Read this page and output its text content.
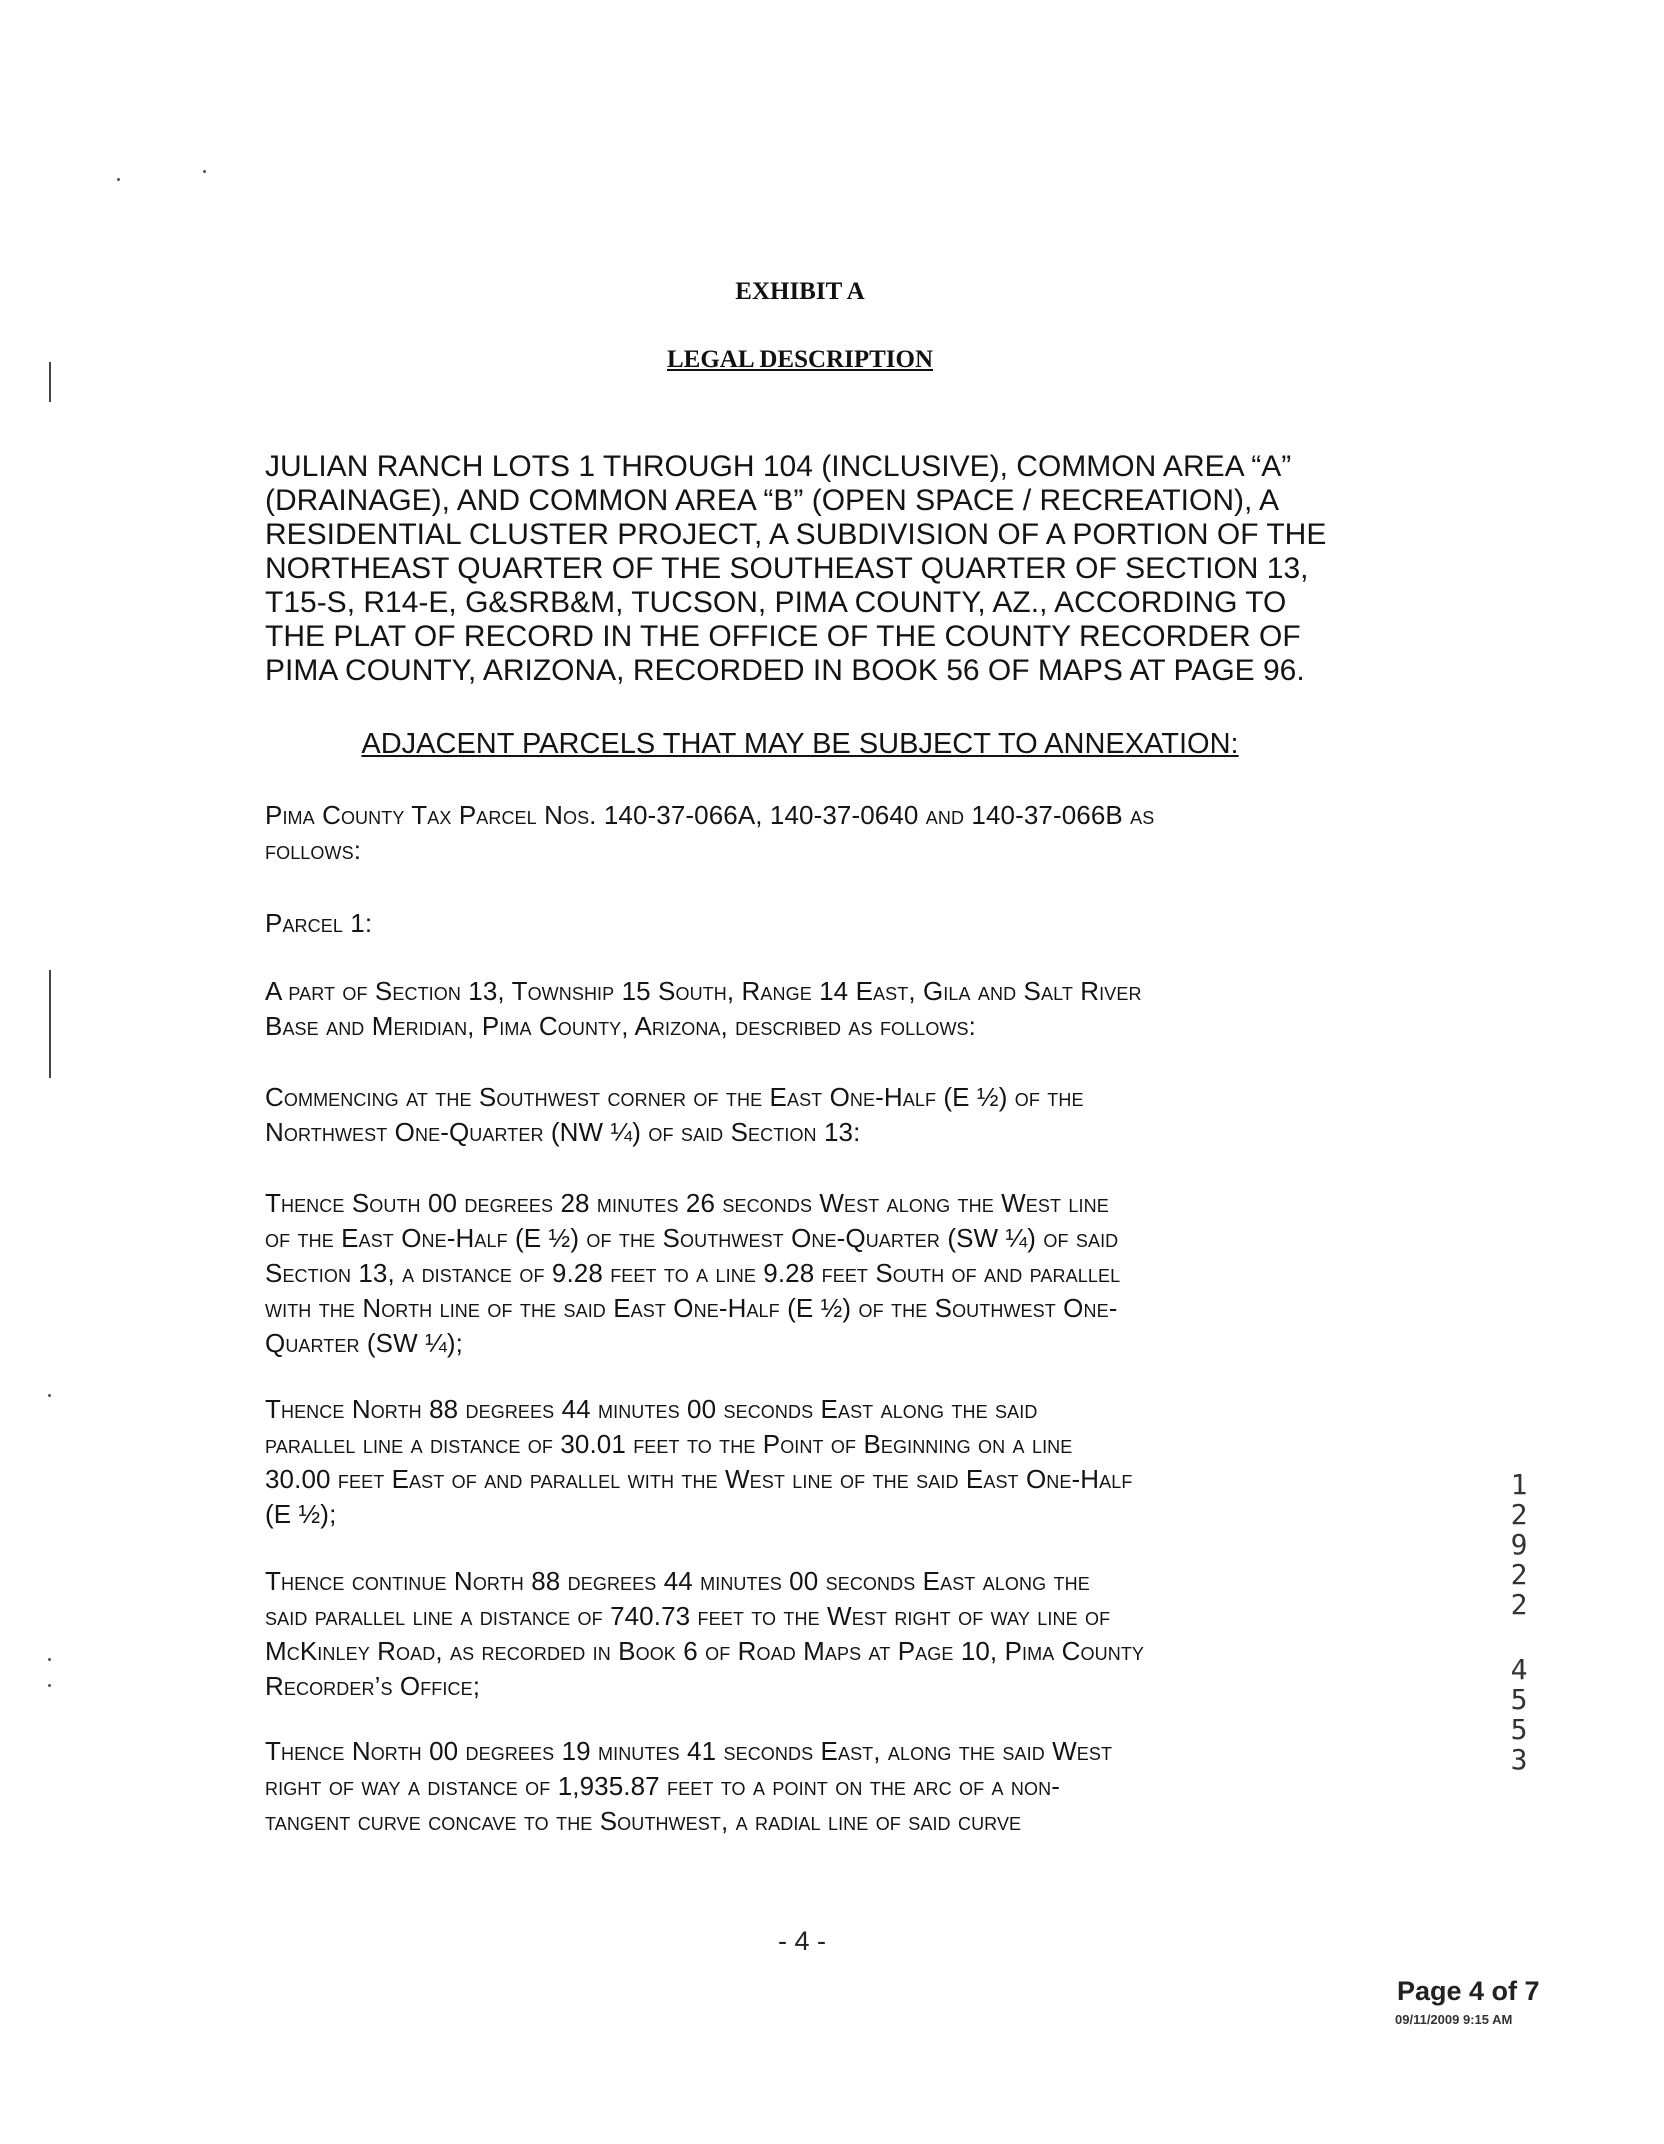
EXHIBIT A
LEGAL DESCRIPTION
JULIAN RANCH LOTS 1 THROUGH 104 (INCLUSIVE), COMMON AREA “A”
(DRAINAGE), AND COMMON AREA “B” (OPEN SPACE / RECREATION), A
RESIDENTIAL CLUSTER PROJECT, A SUBDIVISION OF A PORTION OF THE
NORTHEAST QUARTER OF THE SOUTHEAST QUARTER OF SECTION 13,
T15-S, R14-E, G&SRB&M, TUCSON, PIMA COUNTY, AZ., ACCORDING TO
THE PLAT OF RECORD IN THE OFFICE OF THE COUNTY RECORDER OF
PIMA COUNTY, ARIZONA, RECORDED IN BOOK 56 OF MAPS AT PAGE 96.
ADJACENT PARCELS THAT MAY BE SUBJECT TO ANNEXATION:
Pima County Tax Parcel Nos. 140-37-066A, 140-37-0640 and 140-37-066B as
follows:
Parcel 1:
A part of Section 13, Township 15 South, Range 14 East, Gila and Salt River
Base and Meridian, Pima County, Arizona, described as follows:
Commencing at the Southwest corner of the East One-Half (E ½) of the
Northwest One-Quarter (NW ¼) of said Section 13:
Thence South 00 degrees 28 minutes 26 seconds West along the West line
of the East One-Half (E ½) of the Southwest One-Quarter (SW ¼) of said
Section 13, a distance of 9.28 feet to a line 9.28 feet South of and parallel
with the North line of the said East One-Half (E ½) of the Southwest One-
Quarter (SW ¼);
Thence North 88 degrees 44 minutes 00 seconds East along the said
parallel line a distance of 30.01 feet to the Point of Beginning on a line
30.00 feet East of and parallel with the West line of the said East One-Half
(E ½);
Thence continue North 88 degrees 44 minutes 00 seconds East along the
said parallel line a distance of 740.73 feet to the West right of way line of
McKinley Road, as recorded in Book 6 of Road Maps at Page 10, Pima County
Recorder’s Office;
Thence North 00 degrees 19 minutes 41 seconds East, along the said West
right of way a distance of 1,935.87 feet to a point on the arc of a non-
tangent curve concave to the Southwest, a radial line of said curve
- 4 -
Page 4 of 7
09/11/2009 9:15 AM
1
2
9
2
2
4
5
5
3
